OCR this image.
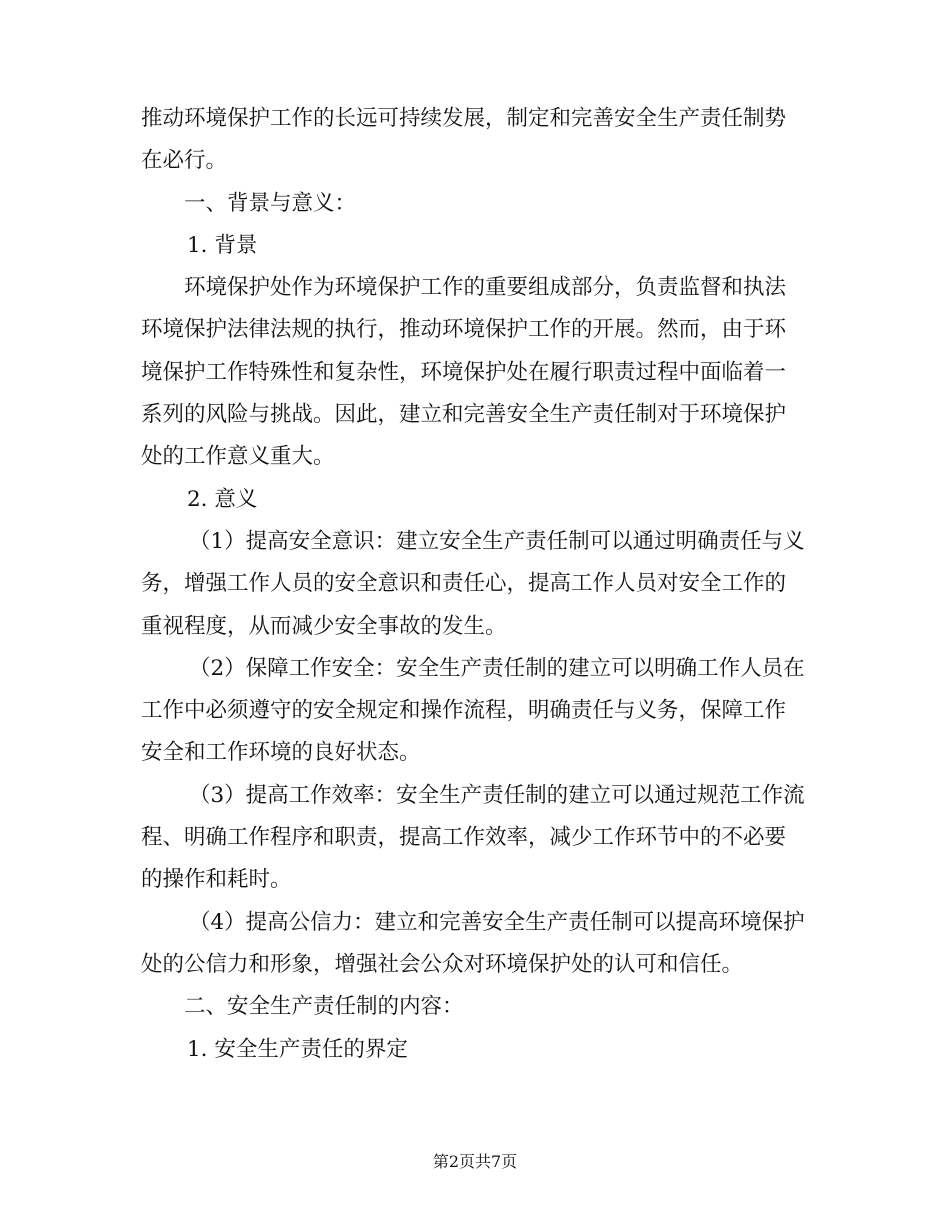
推动环境保护工作的长远可持续发展，制定和完善安全生产责任制势
在必行。
一、背景与意义：
1. 背景
环境保护处作为环境保护工作的重要组成部分，负责监督和执法
环境保护法律法规的执行，推动环境保护工作的开展。然而，由于环
境保护工作特殊性和复杂性，环境保护处在履行职责过程中面临着一
系列的风险与挑战。因此，建立和完善安全生产责任制对于环境保护
处的工作意义重大。
2. 意义
（1）提高安全意识：建立安全生产责任制可以通过明确责任与义
务，增强工作人员的安全意识和责任心，提高工作人员对安全工作的
重视程度，从而减少安全事故的发生。
（2）保障工作安全：安全生产责任制的建立可以明确工作人员在
工作中必须遵守的安全规定和操作流程，明确责任与义务，保障工作
安全和工作环境的良好状态。
（3）提高工作效率：安全生产责任制的建立可以通过规范工作流
程、明确工作程序和职责，提高工作效率，减少工作环节中的不必要
的操作和耗时。
（4）提高公信力：建立和完善安全生产责任制可以提高环境保护
处的公信力和形象，增强社会公众对环境保护处的认可和信任。
二、安全生产责任制的内容：
1. 安全生产责任的界定
第2页共7页
